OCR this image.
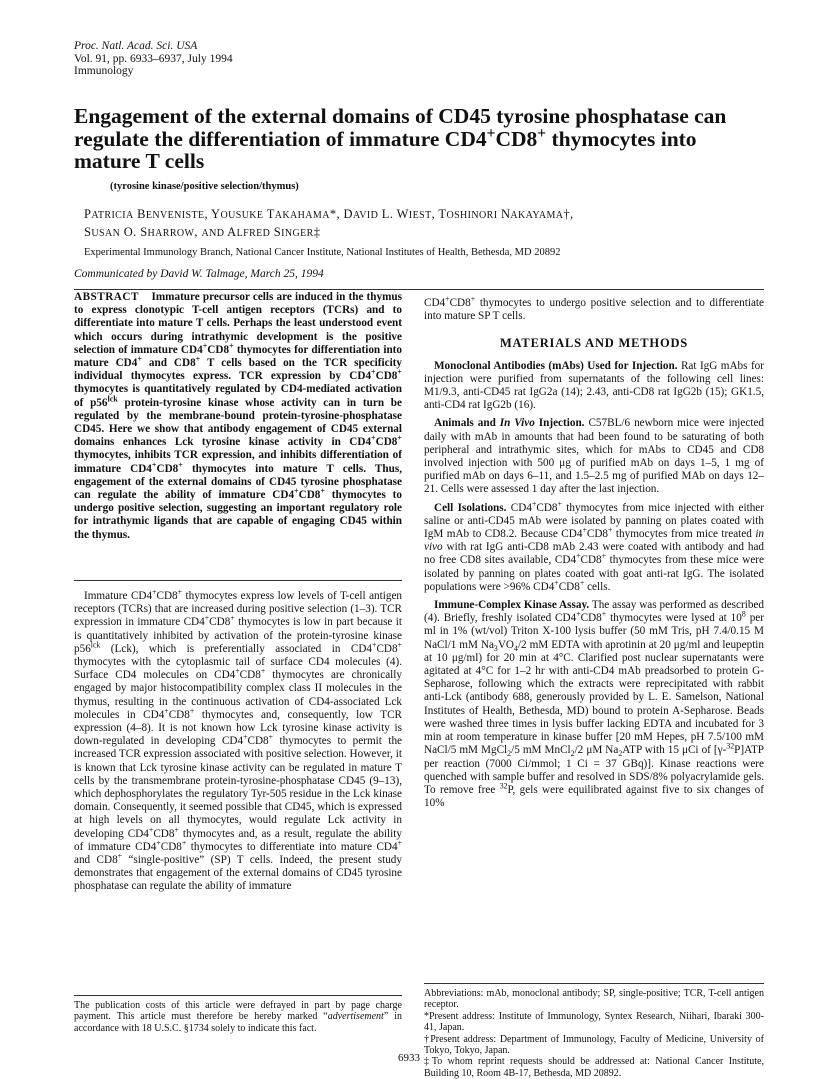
Proc. Natl. Acad. Sci. USA
Vol. 91, pp. 6933–6937, July 1994
Immunology
Engagement of the external domains of CD45 tyrosine phosphatase can regulate the differentiation of immature CD4+CD8+ thymocytes into mature T cells
(tyrosine kinase/positive selection/thymus)
PATRICIA BENVENISTE, YOUSUKE TAKAHAMA*, DAVID L. WIEST, TOSHINORI NAKAYAMA†,
SUSAN O. SHARROW, AND ALFRED SINGER‡
Experimental Immunology Branch, National Cancer Institute, National Institutes of Health, Bethesda, MD 20892
Communicated by David W. Talmage, March 25, 1994

ABSTRACT    Immature precursor cells are induced in the thymus to express clonotypic T-cell antigen receptors (TCRs) and to differentiate into mature T cells. Perhaps the least understood event which occurs during intrathymic development is the positive selection of immature CD4+CD8+ thymocytes for differentiation into mature CD4+ and CD8+ T cells based on the TCR specificity individual thymocytes express. TCR expression by CD4+CD8+ thymocytes is quantitatively regulated by CD4-mediated activation of $p56^{lck}$ protein-tyrosine kinase whose activity can in turn be regulated by the membrane-bound protein-tyrosine-phosphatase CD45. Here we show that antibody engagement of CD45 external domains enhances Lck tyrosine kinase activity in CD4+CD8+ thymocytes, inhibits TCR expression, and inhibits differentiation of immature CD4+CD8+ thymocytes into mature T cells. Thus, engagement of the external domains of CD45 tyrosine phosphatase can regulate the ability of immature CD4+CD8+ thymocytes to undergo positive selection, suggesting an important regulatory role for intrathymic ligands that are capable of engaging CD45 within the thymus.

Immature CD4+CD8+ thymocytes express low levels of T-cell antigen receptors (TCRs) that are increased during positive selection (1–3). TCR expression in immature CD4+CD8+ thymocytes is low in part because it is quantitatively inhibited by activation of the protein-tyrosine kinase $p56^{lck}$ (Lck), which is preferentially associated in CD4+CD8+ thymocytes with the cytoplasmic tail of surface CD4 molecules (4). Surface CD4 molecules on CD4+CD8+ thymocytes are chronically engaged by major histocompatibility complex class II molecules in the thymus, resulting in the continuous activation of CD4-associated Lck molecules in CD4+CD8+ thymocytes and, consequently, low TCR expression (4–8). It is not known how Lck tyrosine kinase activity is down-regulated in developing CD4+CD8+ thymocytes to permit the increased TCR expression associated with positive selection. However, it is known that Lck tyrosine kinase activity can be regulated in mature T cells by the transmembrane protein-tyrosine-phosphatase CD45 (9–13), which dephosphorylates the regulatory Tyr-505 residue in the Lck kinase domain. Consequently, it seemed possible that CD45, which is expressed at high levels on all thymocytes, would regulate Lck activity in developing CD4+CD8+ thymocytes and, as a result, regulate the ability of immature CD4+CD8+ thymocytes to differentiate into mature CD4+ and CD8+ “single-positive” (SP) T cells. Indeed, the present study demonstrates that engagement of the external domains of CD45 tyrosine phosphatase can regulate the ability of immature

CD4+CD8+ thymocytes to undergo positive selection and to differentiate into mature SP T cells.

MATERIALS AND METHODS

Monoclonal Antibodies (mAbs) Used for Injection. Rat IgG mAbs for injection were purified from supernatants of the following cell lines: M1/9.3, anti-CD45 rat IgG2a (14); 2.43, anti-CD8 rat IgG2b (15); GK1.5, anti-CD4 rat IgG2b (16).

Animals and In Vivo Injection. C57BL/6 newborn mice were injected daily with mAb in amounts that had been found to be saturating of both peripheral and intrathymic sites, which for mAbs to CD45 and CD8 involved injection with 500 μg of purified mAb on days 1–5, 1 mg of purified mAb on days 6–11, and 1.5–2.5 mg of purified MAb on days 12–21. Cells were assessed 1 day after the last injection.

Cell Isolations. CD4+CD8+ thymocytes from mice injected with either saline or anti-CD45 mAb were isolated by panning on plates coated with IgM mAb to CD8.2. Because CD4+CD8+ thymocytes from mice treated in vivo with rat IgG anti-CD8 mAb 2.43 were coated with antibody and had no free CD8 sites available, CD4+CD8+ thymocytes from these mice were isolated by panning on plates coated with goat anti-rat IgG. The isolated populations were >96% CD4+CD8+ cells.

Immune-Complex Kinase Assay. The assay was performed as described (4). Briefly, freshly isolated CD4+CD8+ thymocytes were lysed at $10^8$ per ml in 1% (wt/vol) Triton X-100 lysis buffer (50 mM Tris, pH 7.4/0.15 M NaCl/1 mM $Na_3VO_4/2$ mM EDTA with aprotinin at 20 μg/ml and leupeptin at 10 μg/ml) for 20 min at 4°C. Clarified post nuclear supernatants were agitated at 4°C for 1–2 hr with anti-CD4 mAb preadsorbed to protein G-Sepharose, following which the extracts were reprecipitated with rabbit anti-Lck (antibody 688, generously provided by L. E. Samelson, National Institutes of Health, Bethesda, MD) bound to protein A-Sepharose. Beads were washed three times in lysis buffer lacking EDTA and incubated for 3 min at room temperature in kinase buffer [20 mM Hepes, pH 7.5/100 mM NaCl/5 mM MgCl$_2$/5 mM MnCl$_2$/2 μM $Na_2ATP$ with 15 μCi of [γ-$^{32}$P]ATP per reaction (7000 Ci/mmol; 1 Ci = 37 GBq)]. Kinase reactions were quenched with sample buffer and resolved in SDS/8% polyacrylamide gels. To remove free $^{32}$P, gels were equilibrated against five to six changes of 10%

Abbreviations: mAb, monoclonal antibody; SP, single-positive; TCR, T-cell antigen receptor.

*Present address: Institute of Immunology, Syntex Research, Niihari, Ibaraki 300-41, Japan.

†Present address: Department of Immunology, Faculty of Medicine, University of Tokyo, Tokyo, Japan.

‡To whom reprint requests should be addressed at: National Cancer Institute, Building 10, Room 4B-17, Bethesda, MD 20892.

The publication costs of this article were defrayed in part by page charge payment. This article must therefore be hereby marked “advertisement” in accordance with 18 U.S.C. §1734 solely to indicate this fact.
6933
